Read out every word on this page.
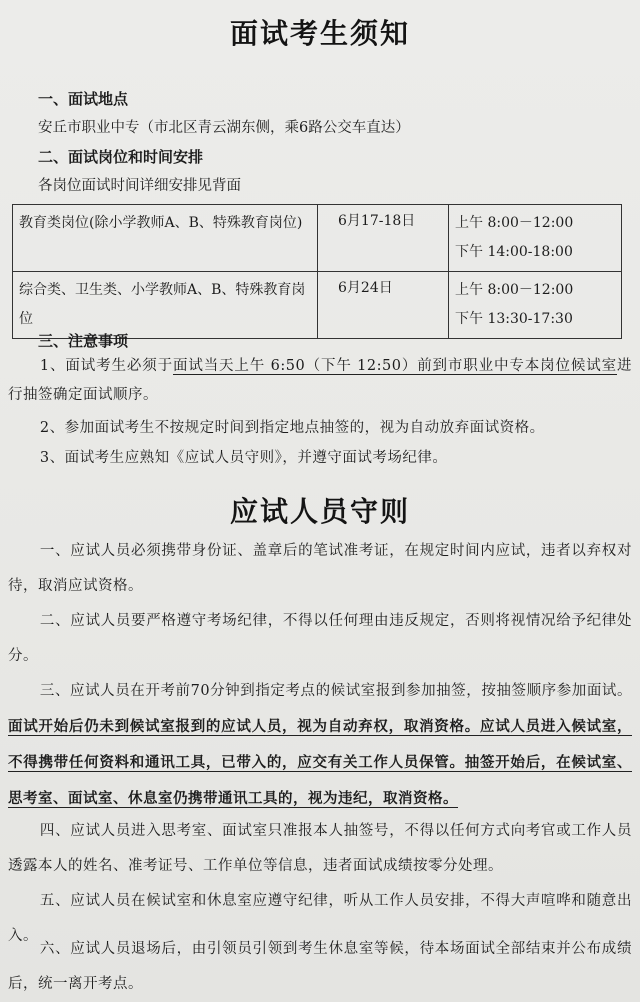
面试考生须知
一、面试地点
安丘市职业中专（市北区青云湖东侧，乘6路公交车直达）
二、面试岗位和时间安排
各岗位面试时间详细安排见背面
教育类岗位(除小学教师A、B、特殊教育岗位)	6月17-18日	上午 8:00－12:00
下午 14:00-18:00

综合类、卫生类、小学教师A、B、特殊教育岗位	6月24日	上午 8:00－12:00
下午 13:30-17:30
三、注意事项
1、面试考生必须于面试当天上午 6:50（下午 12:50）前到市职业中专本岗位候试室进行抽签确定面试顺序。
2、参加面试考生不按规定时间到指定地点抽签的，视为自动放弃面试资格。
3、面试考生应熟知《应试人员守则》，并遵守面试考场纪律。
应试人员守则
一、应试人员必须携带身份证、盖章后的笔试准考证，在规定时间内应试，违者以弃权对待，取消应试资格。
二、应试人员要严格遵守考场纪律，不得以任何理由违反规定，否则将视情况给予纪律处分。
三、应试人员在开考前70分钟到指定考点的候试室报到参加抽签，按抽签顺序参加面试。面试开始后仍未到候试室报到的应试人员，视为自动弃权，取消资格。应试人员进入候试室，不得携带任何资料和通讯工具，已带入的，应交有关工作人员保管。抽签开始后，在候试室、思考室、面试室、休息室仍携带通讯工具的，视为违纪，取消资格。
四、应试人员进入思考室、面试室只准报本人抽签号，不得以任何方式向考官或工作人员透露本人的姓名、准考证号、工作单位等信息，违者面试成绩按零分处理。
五、应试人员在候试室和休息室应遵守纪律，听从工作人员安排，不得大声喧哗和随意出入。
六、应试人员退场后，由引领员引领到考生休息室等候，待本场面试全部结束并公布成绩后，统一离开考点。
